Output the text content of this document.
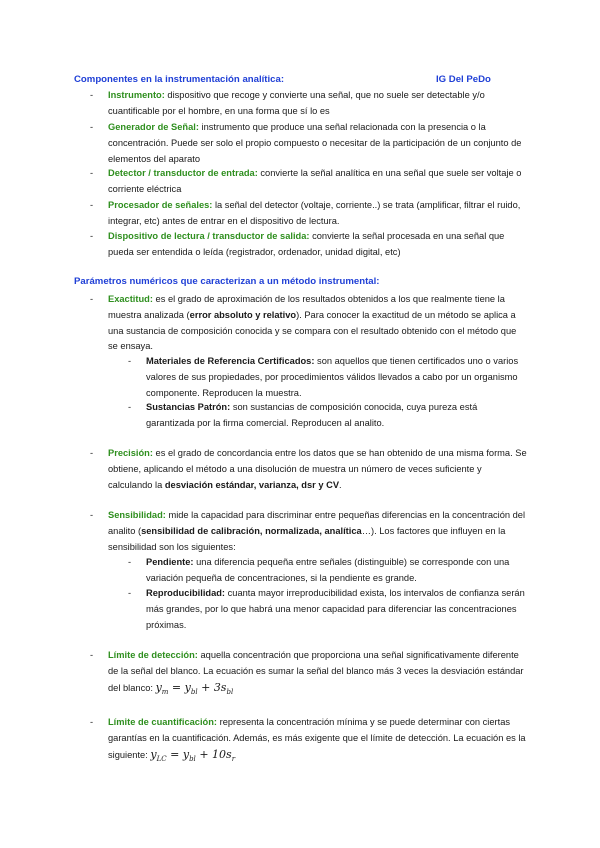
Componentes en la instrumentación analítica:	IG Del PeDo
- Instrumento: dispositivo que recoge y convierte una señal, que no suele ser detectable y/o cuantificable por el hombre, en una forma que sí lo es
- Generador de Señal: instrumento que produce una señal relacionada con la presencia o la concentración. Puede ser solo el propio compuesto o necesitar de la participación de un conjunto de elementos del aparato
- Detector / transductor de entrada: convierte la señal analítica en una señal que suele ser voltaje o corriente eléctrica
- Procesador de señales: la señal del detector (voltaje, corriente..) se trata (amplificar, filtrar el ruido, integrar, etc) antes de entrar en el dispositivo de lectura.
- Dispositivo de lectura / transductor de salida: convierte la señal procesada en una señal que pueda ser entendida o leída (registrador, ordenador, unidad digital, etc)
Parámetros numéricos que caracterizan a un método instrumental:
- Exactitud: es el grado de aproximación de los resultados obtenidos a los que realmente tiene la muestra analizada (error absoluto y relativo). Para conocer la exactitud de un método se aplica a una sustancia de composición conocida y se compara con el resultado obtenido con el método que se ensaya.
- Materiales de Referencia Certificados: son aquellos que tienen certificados uno o varios valores de sus propiedades, por procedimientos válidos llevados a cabo por un organismo componente. Reproducen la muestra.
- Sustancias Patrón: son sustancias de composición conocida, cuya pureza está garantizada por la firma comercial. Reproducen al analito.
- Precisión: es el grado de concordancia entre los datos que se han obtenido de una misma forma. Se obtiene, aplicando el método a una disolución de muestra un número de veces suficiente y calculando la desviación estándar, varianza, dsr y CV.
- Sensibilidad: mide la capacidad para discriminar entre pequeñas diferencias en la concentración del analito (sensibilidad de calibración, normalizada, analítica…). Los factores que influyen en la sensibilidad son los siguientes:
- Pendiente: una diferencia pequeña entre señales (distinguible) se corresponde con una variación pequeña de concentraciones, si la pendiente es grande.
- Reproducibilidad: cuanta mayor irreproducibilidad exista, los intervalos de confianza serán más grandes, por lo que habrá una menor capacidad para diferenciar las concentraciones próximas.
- Límite de detección: aquella concentración que proporciona una señal significativamente diferente de la señal del blanco. La ecuación es sumar la señal del blanco más 3 veces la desviación estándar del blanco: $y_m = y_{bl} + 3s_{bl}$
- Límite de cuantificación: representa la concentración mínima y se puede determinar con ciertas garantías en la cuantificación. Además, es más exigente que el límite de detección. La ecuación es la siguiente: $y_{LC} = y_{bl} + 10s_r$
